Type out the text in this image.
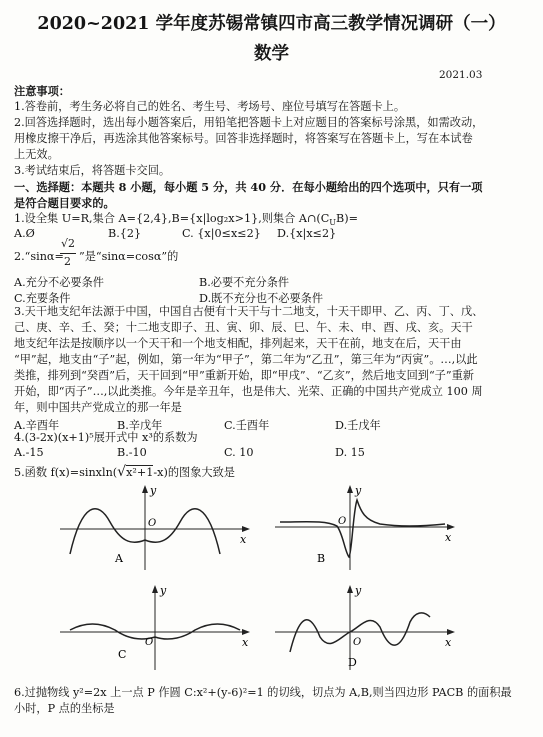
2020~2021 学年度苏锡常镇四市高三教学情况调研（一）
数学
2021.03
注意事项：
1.答卷前，考生务必将自己的姓名、考生号、考场号、座位号填写在答题卡上。
2.回答选择题时，选出每小题答案后，用铅笔把答题卡上对应题目的答案标号涂黑，如需改动，
用橡皮擦干净后，再选涂其他答案标号。回答非选择题时，将答案写在答题卡上，写在本试卷
上无效。
3.考试结束后，将答题卡交回。
一、选择题：本题共 8 小题，每小题 5 分，共 40 分．在每小题给出的四个选项中，只有一项
是符合题目要求的。
1.设全集 U=R,集合 A={2,4},B={x|log₂x>1},则集合 $A\cap(C_UB)=$
A.Ø	B.{2}	C. {x|0≤x≤2} D.{x|x≤2}
2.“sinα=
√2
2 ”是“sinα=cosα”的
A.充分不必要条件	B.必要不充分条件
C.充要条件	D.既不充分也不必要条件
3.天干地支纪年法源于中国，中国自古便有十天干与十二地支，十天干即甲、乙、丙、丁、戊、
己、庚、辛、壬、癸；十二地支即子、丑、寅、卯、辰、巳、午、未、申、酉、戌、亥。天干
地支纪年法是按顺序以一个天干和一个地支相配，排列起来，天干在前，地支在后，天干由
“甲”起，地支由“子”起，例如，第一年为“甲子”，第二年为“乙丑”，第三年为“丙寅”。…,以此
类推，排列到“癸酉”后，天干回到“甲”重新开始，即“甲戌”、“乙亥”，然后地支回到“子”重新
开始，即“丙子”…,以此类推。今年是辛丑年，也是伟大、光荣、正确的中国共产党成立 100 周
年，则中国共产党成立的那一年是
A.辛酉年	B.辛戊年	C.壬酉年	D.壬戊年
4.(3-2x)(x+1)⁵展开式中 x³的系数为
A.-15	B.-10	C. 10	D. 15
5.函数 f(x)=sinxln(√x²+1-x)的图象大致是
y
x
O
A
y
x
O
B
y
x
O
C
y
x
O
D
6.过抛物线 y²=2x 上一点 P 作圆 C:x²+(y-6)²=1 的切线，切点为 A,B,则当四边形 PACB 的面积最
小时，P 点的坐标是
